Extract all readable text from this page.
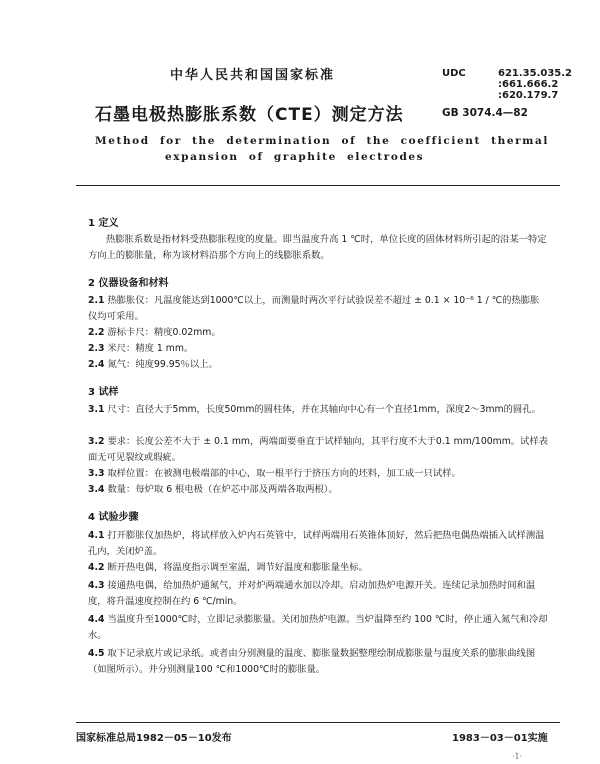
中华人民共和国国家标准	UDC	621.35.035.2
:661.666.2
:620.179.7
石墨电极热膨胀系数（CTE）测定方法	GB 3074.4—82
Method for the determination of the coefficient thermal
expansion of graphite electrodes
1 定义
热膨胀系数是指材料受热膨胀程度的度量。即当温度升高 1 ℃时，单位长度的固体材料所引起的沿某一特定方向上的膨胀量，称为该材料沿那个方向上的线膨胀系数。
2 仪器设备和材料
2.1 热膨胀仪：凡温度能达到1000℃以上，而测量时两次平行试验误差不超过 ± 0.1 × 10⁻⁶ 1 / ℃的热膨胀仪均可采用。
2.2 游标卡尺：精度0.02mm。
2.3 米尺：精度 1 mm。
2.4 氮气：纯度99.95％以上。
3 试样
3.1 尺寸：直径大于5mm，长度50mm的圆柱体，并在其轴向中心有一个直径1mm，深度2～3mm的圆孔。
3.2 要求：长度公差不大于 ± 0.1 mm，两端面要垂直于试样轴向，其平行度不大于0.1 mm/100mm。试样表面无可见裂纹或瑕疵。
3.3 取样位置：在被测电极端部的中心，取一根平行于挤压方向的坯料，加工成一只试样。
3.4 数量：每炉取 6 根电极（在炉芯中部及两端各取两根）。
4 试验步骤
4.1 打开膨胀仪加热炉，将试样放入炉内石英管中，试样两端用石英锥体顶好，然后把热电偶热端插入试样测温孔内，关闭炉盖。
4.2 断开热电偶，将温度指示调至室温，调节好温度和膨胀量坐标。
4.3 接通热电偶，给加热炉通氮气，并对炉两端通水加以冷却。启动加热炉电源开关。连续记录加热时间和温度，将升温速度控制在约 6 ℃/min。
4.4 当温度升至1000℃时，立即记录膨胀量。关闭加热炉电源。当炉温降至约 100 ℃时，停止通入氮气和冷却水。
4.5 取下记录底片或记录纸。或者由分别测量的温度、膨胀量数据整理绘制成膨胀量与温度关系的膨胀曲线图（如图所示）。并分别测量100 ℃和1000℃时的膨胀量。
国家标准总局1982－05－10发布	1983－03－01实施
·1·
